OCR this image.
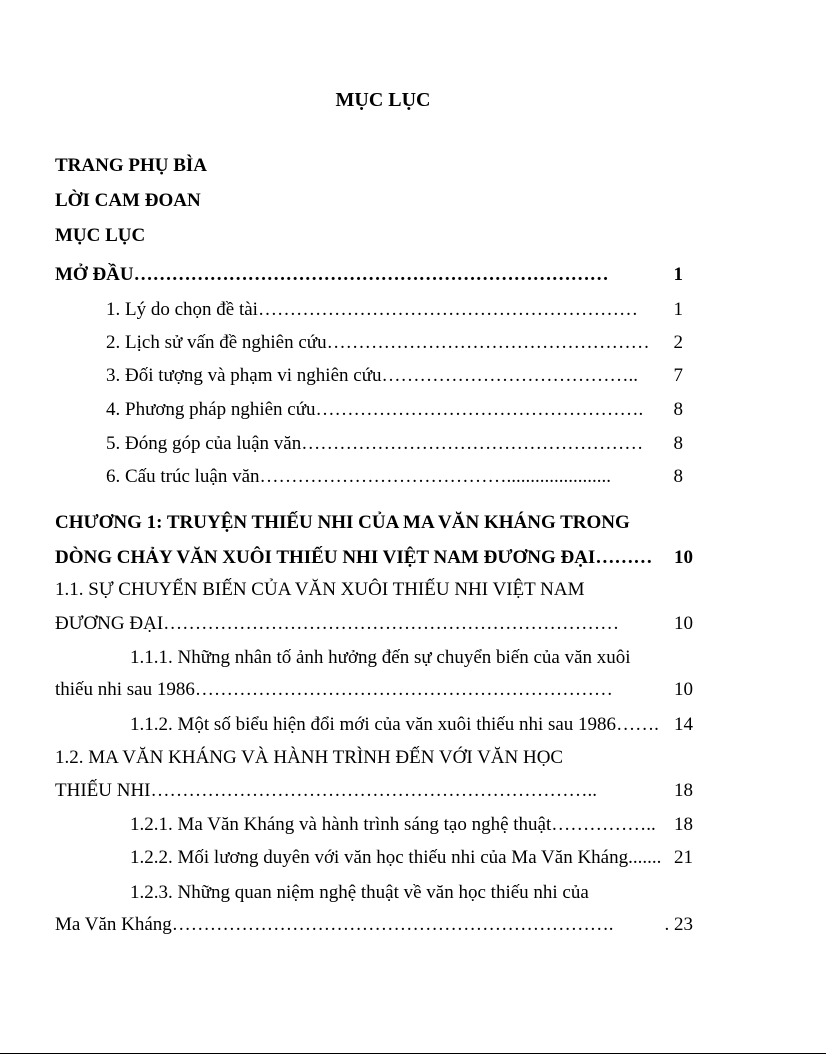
MỤC LỤC
TRANG PHỤ BÌA
LỜI CAM ĐOAN
MỤC LỤC
MỞ ĐẦU …………………………………………………………………	1
1. Lý do chọn đề tài ……………………………………………………	1
2. Lịch sử vấn đề nghiên cứu …………………………………………… 2
3. Đối tượng và phạm vi nghiên cứu …………………………………..	7
4. Phương pháp nghiên cứu …………………………………………….	8
5. Đóng góp của luận văn ………………………………………………	8
6. Cấu trúc luận văn …………………………………......................	8
CHƯƠNG 1: TRUYỆN THIẾU NHI CỦA MA VĂN KHÁNG TRONG
DÒNG CHẢY VĂN XUÔI THIẾU NHI VIỆT NAM ĐƯƠNG ĐẠI ……… 10
1.1. SỰ CHUYỂN BIẾN CỦA VĂN XUÔI THIẾU NHI VIỆT NAM
ĐƯƠNG ĐẠI ………………………………………………………………	10
1.1.1. Những nhân tố ảnh hưởng đến sự chuyển biến của văn xuôi
thiếu nhi sau 1986 …………………………………………………………	10
1.1.2. Một số biểu hiện đổi mới của văn xuôi thiếu nhi sau 1986 ……. 14
1.2. MA VĂN KHÁNG VÀ HÀNH TRÌNH ĐẾN VỚI VĂN HỌC
THIẾU NHI ……………………………………………………………..	18
1.2.1. Ma Văn Kháng và hành trình sáng tạo nghệ thuật …………….. 18
1.2.2. Mối lương duyên với văn học thiếu nhi của Ma Văn Kháng ....... 21
1.2.3. Những quan niệm nghệ thuật về văn học thiếu nhi của
Ma Văn Kháng …………………………………………………………….	. 23
